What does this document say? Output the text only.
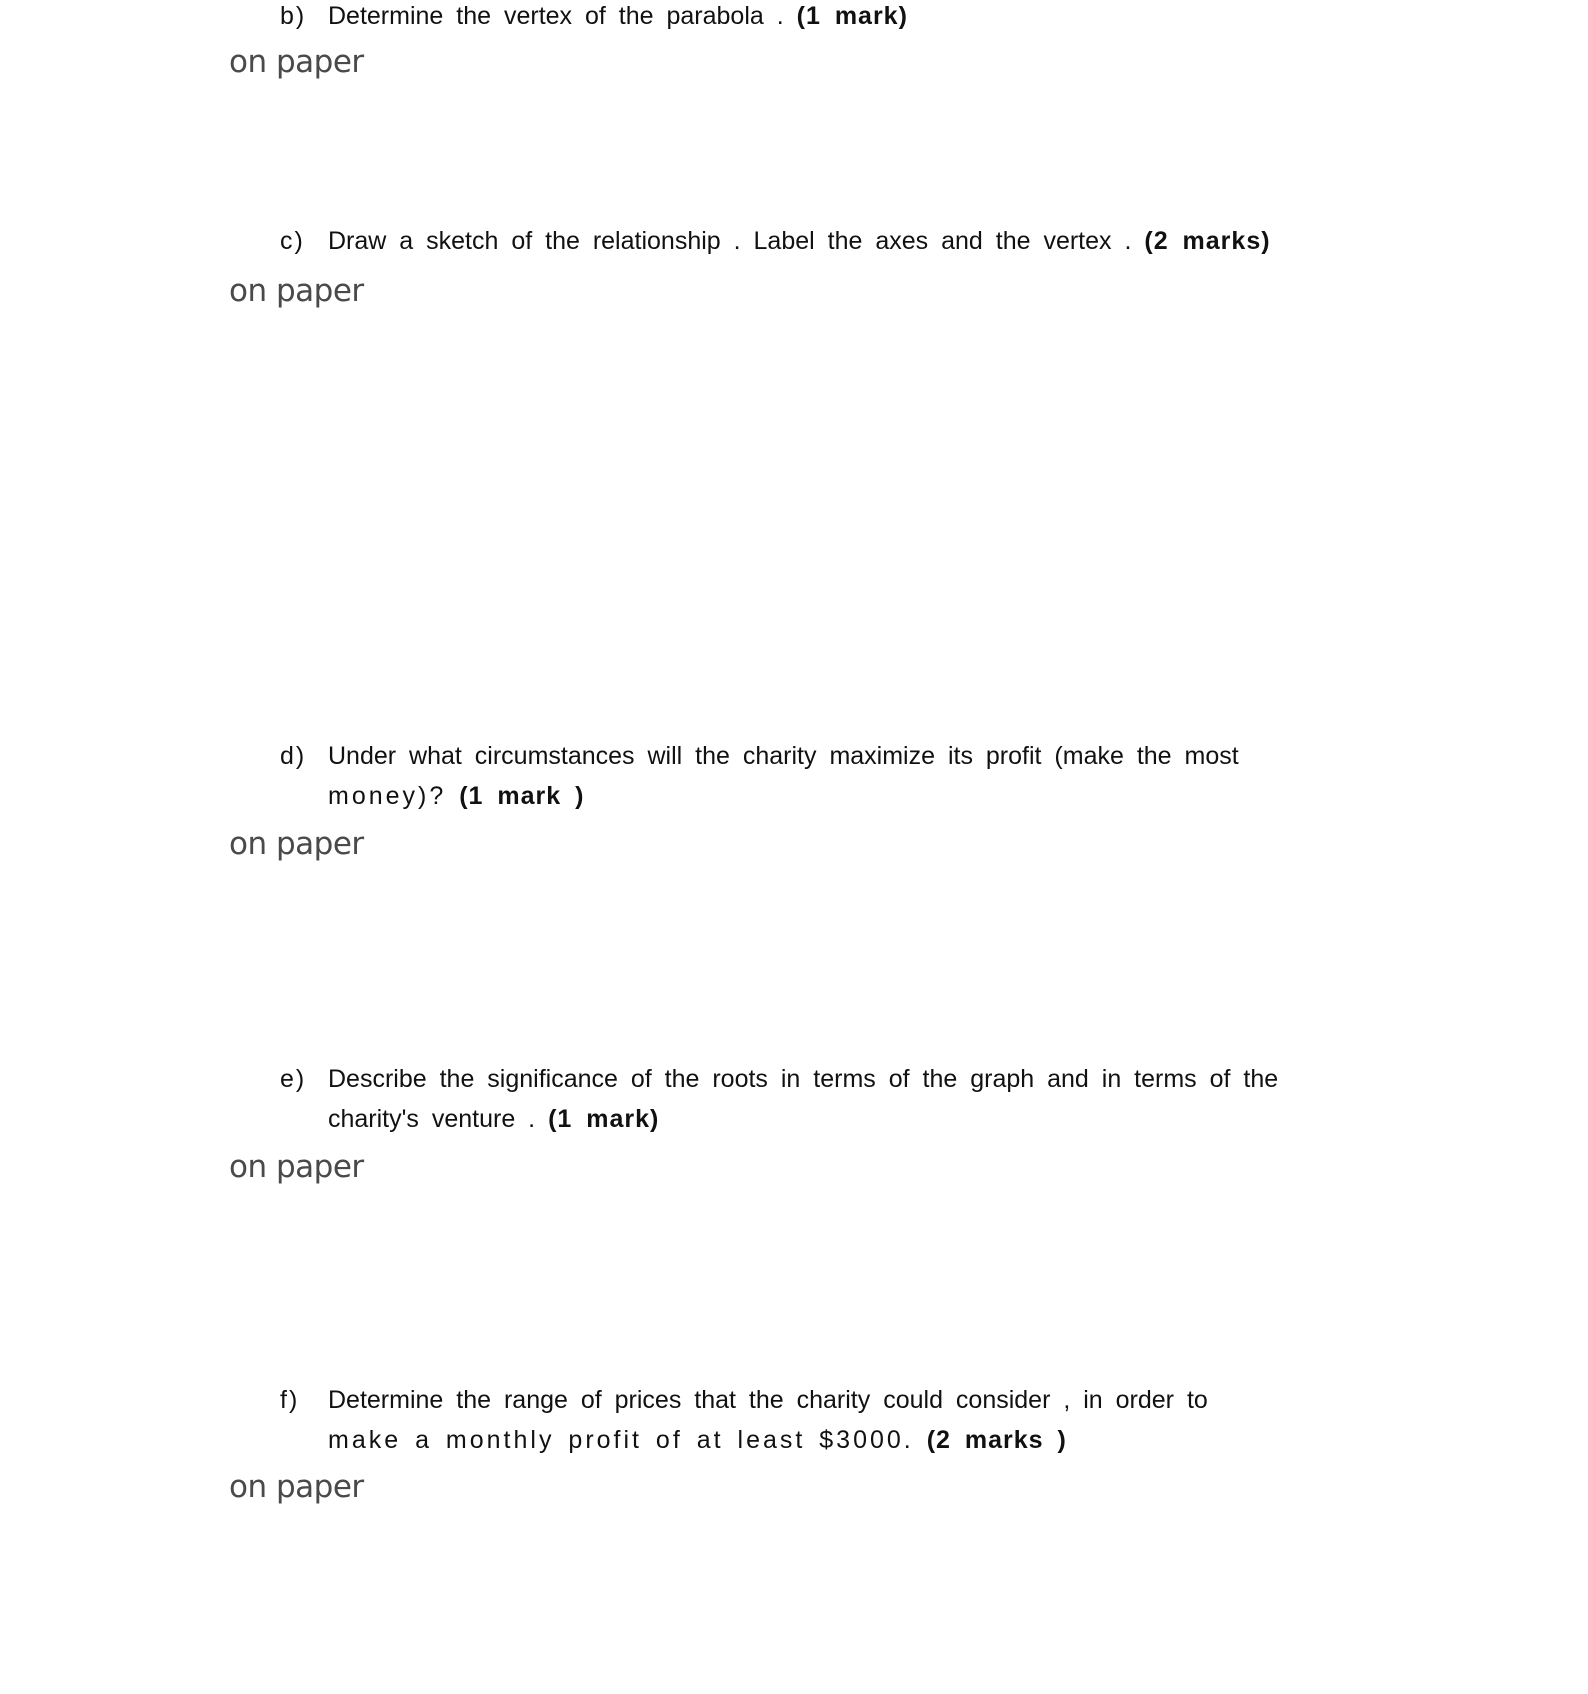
b) Determine the vertex of the parabola . (1 mark)
on paper
c) Draw a sketch of the relationship . Label the axes and the vertex . (2 marks)
on paper
d) Under what circumstances will the charity maximize its profit (make the most
money)? (1 mark )
on paper
e) Describe the significance of the roots in terms of the graph and in terms of the
charity's venture . (1 mark)
on paper
f)	Determine the range of prices that the charity could consider , in order to
make a monthly profit of at least $3000. (2 marks )
on paper
